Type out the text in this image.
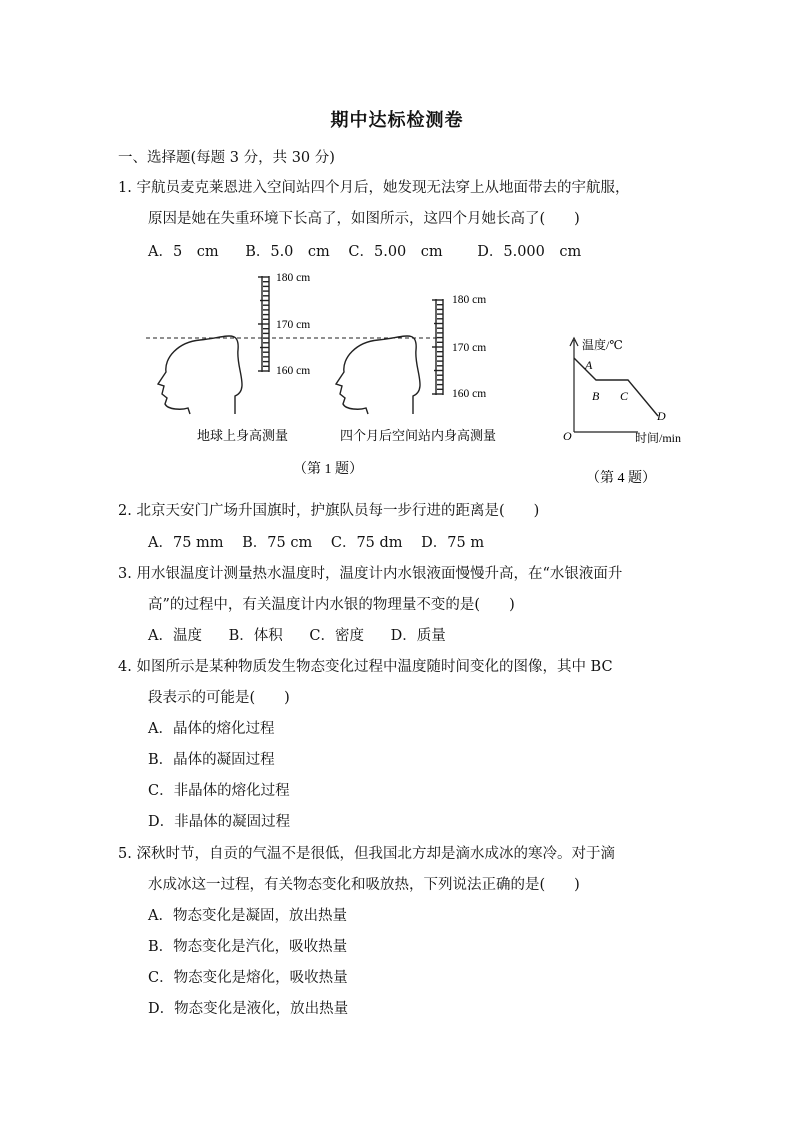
期中达标检测卷
一、选择题(每题 3 分，共 30 分)
1. 宇航员麦克莱恩进入空间站四个月后，她发现无法穿上从地面带去的宇航服，
原因是她在失重环境下长高了，如图所示，这四个月她长高了(　　)
A．5　cm B．5.0　cm C．5.00　cm D．5.000　cm
180 cm
170 cm
160 cm
180 cm
170 cm
160 cm
地球上身高测量	四个月后空间站内身高测量
（第 1 题）
温度/℃
时间/min
O
A
B C
D
（第 4 题）
2. 北京天安门广场升国旗时，护旗队员每一步行进的距离是(　　)
A．75 mm B．75 cm C．75 dm D．75 m
3. 用水银温度计测量热水温度时，温度计内水银液面慢慢升高，在“水银液面升
高”的过程中，有关温度计内水银的物理量不变的是(　　)
A．温度 B．体积 C．密度 D．质量
4. 如图所示是某种物质发生物态变化过程中温度随时间变化的图像，其中 BC
段表示的可能是(　　)
A．晶体的熔化过程
B．晶体的凝固过程
C．非晶体的熔化过程
D．非晶体的凝固过程
5. 深秋时节，自贡的气温不是很低，但我国北方却是滴水成冰的寒冷。对于滴
水成冰这一过程，有关物态变化和吸放热，下列说法正确的是(　　)
A．物态变化是凝固，放出热量
B．物态变化是汽化，吸收热量
C．物态变化是熔化，吸收热量
D．物态变化是液化，放出热量
